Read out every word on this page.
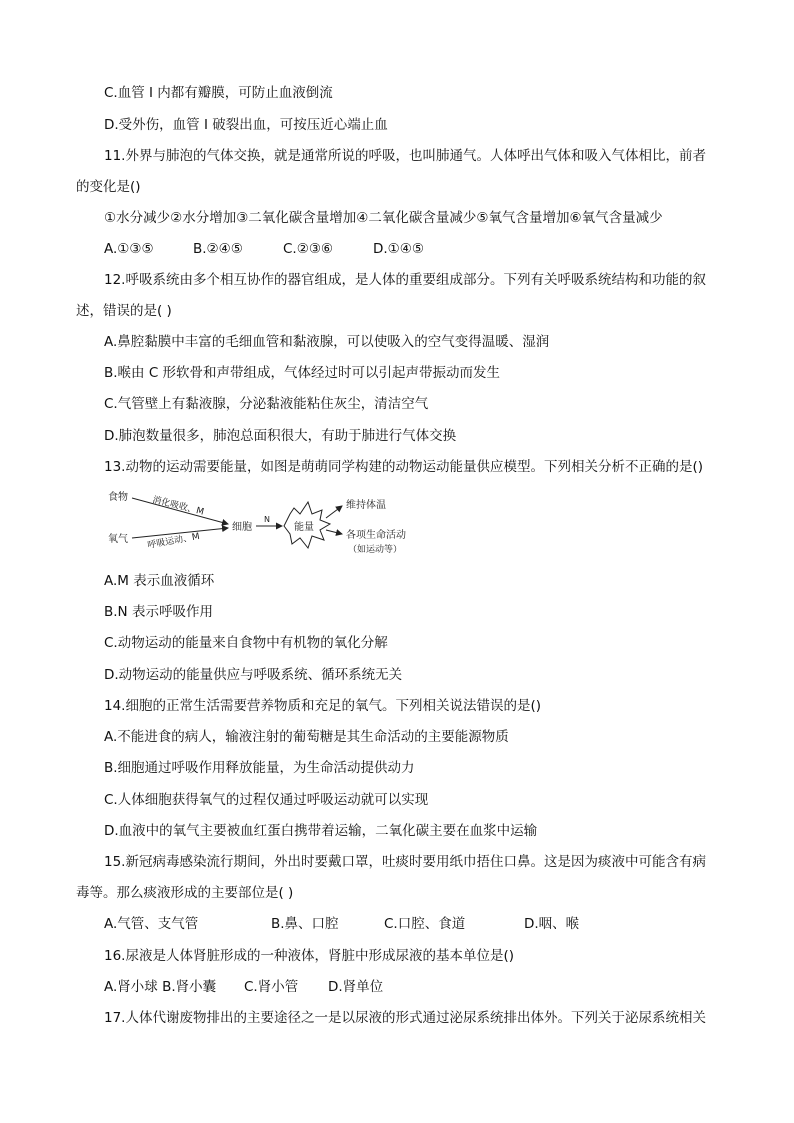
C.血管 I 内都有瓣膜，可防止血液倒流
D.受外伤，血管 I 破裂出血，可按压近心端止血
11.外界与肺泡的气体交换，就是通常所说的呼吸，也叫肺通气。人体呼出气体和吸入气体相比，前者
的变化是()
①水分减少②水分增加③二氧化碳含量增加④二氧化碳含量减少⑤氧气含量增加⑥氧气含量减少
A.①③⑤	B.②④⑤	C.②③⑥	D.①④⑤
12.呼吸系统由多个相互协作的器官组成，是人体的重要组成部分。下列有关呼吸系统结构和功能的叙
述，错误的是( )
A.鼻腔黏膜中丰富的毛细血管和黏液腺，可以使吸入的空气变得温暖、湿润
B.喉由 C 形软骨和声带组成，气体经过时可以引起声带振动而发生
C.气管壁上有黏液腺，分泌黏液能粘住灰尘，清洁空气
D.肺泡数量很多，肺泡总面积很大，有助于肺进行气体交换
13.动物的运动需要能量，如图是萌萌同学构建的动物运动能量供应模型。下列相关分析不正确的是()
食物	消化吸收、M
氧气 呼吸运动、M
细胞
N
能量
维持体温
各项生命活动
（如运动等）
A.M 表示血液循环
B.N 表示呼吸作用
C.动物运动的能量来自食物中有机物的氧化分解
D.动物运动的能量供应与呼吸系统、循环系统无关
14.细胞的正常生活需要营养物质和充足的氧气。下列相关说法错误的是()
A.不能进食的病人，输液注射的葡萄糖是其生命活动的主要能源物质
B.细胞通过呼吸作用释放能量，为生命活动提供动力
C.人体细胞获得氧气的过程仅通过呼吸运动就可以实现
D.血液中的氧气主要被血红蛋白携带着运输，二氧化碳主要在血浆中运输
15.新冠病毒感染流行期间，外出时要戴口罩，吐痰时要用纸巾捂住口鼻。这是因为痰液中可能含有病
毒等。那么痰液形成的主要部位是( )
A.气管、支气管	B.鼻、口腔	C.口腔、食道	D.咽、喉
16.尿液是人体肾脏形成的一种液体，肾脏中形成尿液的基本单位是()
A.肾小球 B.肾小囊 C.肾小管 D.肾单位
17.人体代谢废物排出的主要途径之一是以尿液的形式通过泌尿系统排出体外。下列关于泌尿系统相关
